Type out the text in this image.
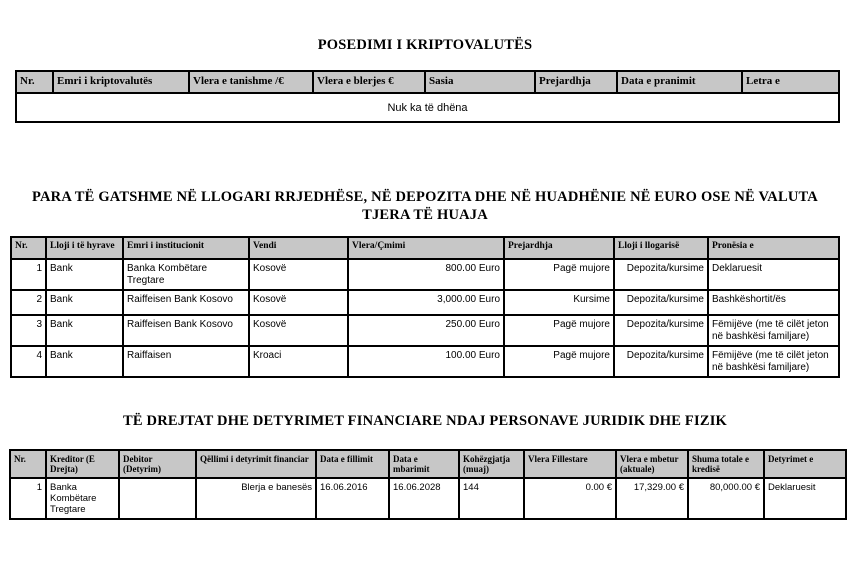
POSEDIMI I KRIPTOVALUTËS
Nr.	Emri i kriptovalutës	Vlera e tanishme /€	Vlera e blerjes €	Sasia	Prejardhja	Data e pranimit	Letra e
Nuk ka të dhëna
PARA TË GATSHME NË LLOGARI RRJEDHËSE, NË DEPOZITA DHE NË HUADHËNIE NË EURO OSE NË VALUTA TJERA TË HUAJA
Nr.	Lloji i të hyrave	Emri i institucionit	Vendi	Vlera/Çmimi	Prejardhja	Lloji i llogarisë	Pronësia e
1	Bank	Banka Kombëtare Tregtare	Kosovë	800.00 Euro	Pagë mujore	Depozita/kursime	Deklaruesit
2	Bank	Raiffeisen Bank Kosovo	Kosovë	3,000.00 Euro	Kursime	Depozita/kursime	Bashkëshortit/ës
3	Bank	Raiffeisen Bank Kosovo	Kosovë	250.00 Euro	Pagë mujore	Depozita/kursime	Fëmijëve (me të cilët jeton në bashkësi familjare)
4	Bank	Raiffaisen	Kroaci	100.00 Euro	Pagë mujore	Depozita/kursime	Fëmijëve (me të cilët jeton në bashkësi familjare)
TË DREJTAT DHE DETYRIMET FINANCIARE NDAJ PERSONAVE JURIDIK DHE FIZIK
Nr.	Kreditor (E Drejta)	Debitor (Detyrim)	Qëllimi i detyrimit financiar	Data e fillimit	Data e mbarimit	Kohëzgjatja (muaj)	Vlera Fillestare	Vlera e mbetur (aktuale)	Shuma totale e kredisë	Detyrimet e
1	Banka Kombëtare Tregtare		Blerja e banesës	16.06.2016	16.06.2028	144	0.00 €	17,329.00 €	80,000.00 €	Deklaruesit
